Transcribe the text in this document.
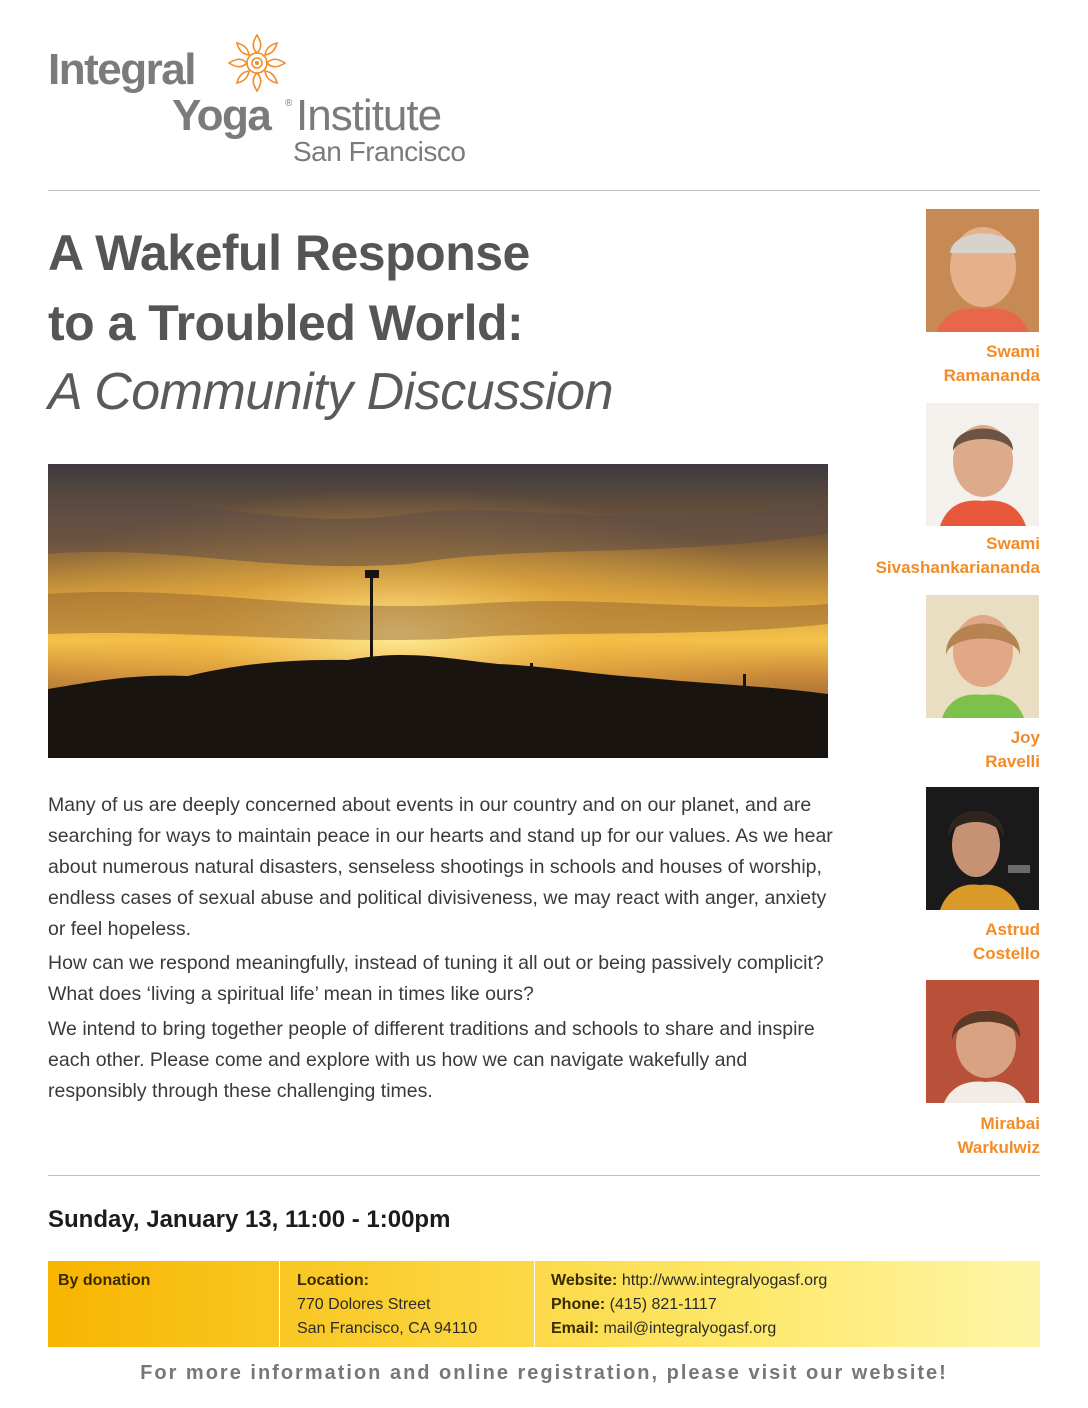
Integral
Yoga ® Institute
San Francisco
A Wakeful Response
to a Troubled World:
A Community Discussion
Many of us are deeply concerned about events in our country and on our planet, and are searching for ways to maintain peace in our hearts and stand up for our values. As we hear about numerous natural disasters, senseless shootings in schools and houses of worship, endless cases of sexual abuse and political divisiveness, we may react with anger, anxiety or feel hopeless.
How can we respond meaningfully, instead of tuning it all out or being passively complicit? What does ‘living a spiritual life’ mean in times like ours?
We intend to bring together people of different traditions and schools to share and inspire each other. Please come and explore with us how we can navigate wakefully and responsibly through these challenging times.
Swami
Ramananda
Swami
Sivashankariananda
Joy
Ravelli
Astrud
Costello
Mirabai
Warkulwiz
Sunday, January 13, 11:00 - 1:00pm
By donation	Location:
770 Dolores Street
San Francisco, CA 94110
Website: http://www.integralyogasf.org
Phone: (415) 821-1117
Email: mail@integralyogasf.org
For more information and online registration, please visit our website!
